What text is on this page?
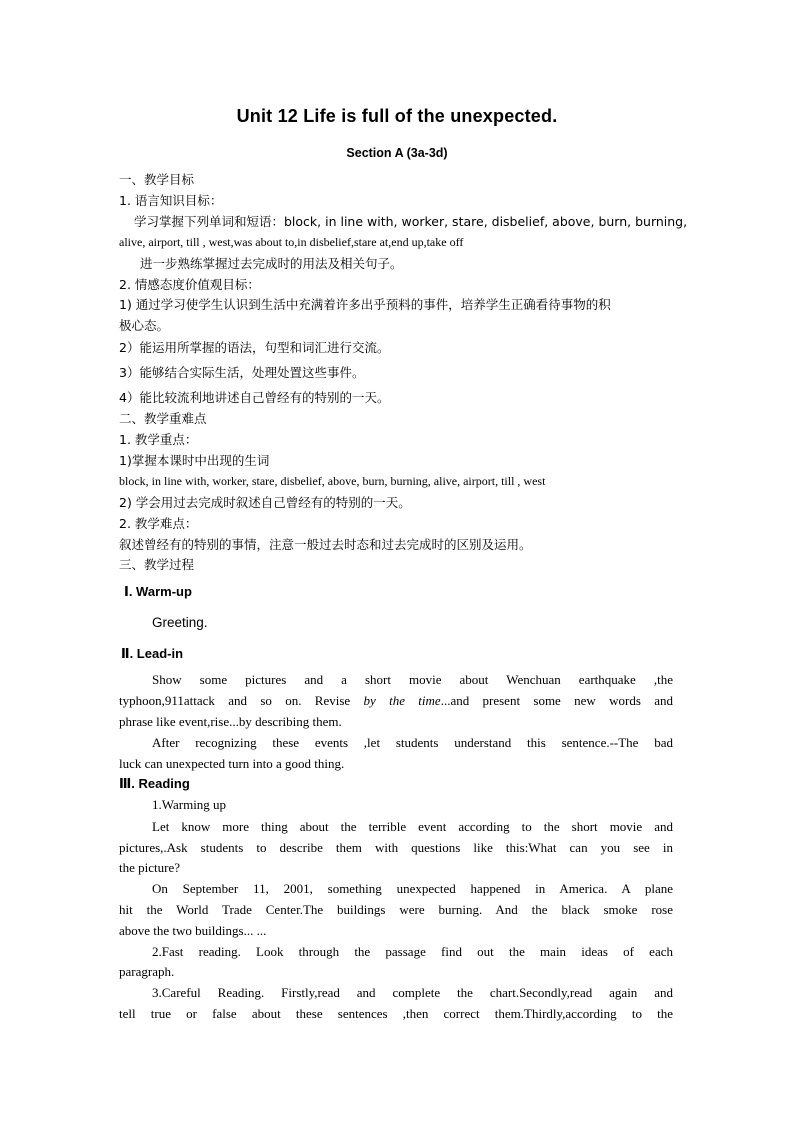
Unit 12 Life is full of the unexpected.
Section A (3a-3d)
一、教学目标
1. 语言知识目标：
学习掌握下列单词和短语：block, in line with, worker, stare, disbelief, above, burn, burning,
alive, airport, till , west,was about to,in disbelief,stare at,end up,take off
进一步熟练掌握过去完成时的用法及相关句子。
2. 情感态度价值观目标：
1) 通过学习使学生认识到生活中充满着许多出乎预料的事件，培养学生正确看待事物的积
极心态。
2）能运用所掌握的语法，句型和词汇进行交流。
3）能够结合实际生活，处理处置这些事件。
4）能比较流利地讲述自己曾经有的特别的一天。
二、教学重难点
1. 教学重点：
1)掌握本课时中出现的生词
block, in line with, worker, stare, disbelief, above, burn, burning, alive, airport, till , west
2) 学会用过去完成时叙述自己曾经有的特别的一天。
2. 教学难点：
叙述曾经有的特别的事情，注意一般过去时态和过去完成时的区别及运用。
三、教学过程
Ⅰ. Warm-up
Greeting.
Ⅱ. Lead-in
Show some pictures and a short movie about Wenchuan earthquake ,the
typhoon,911attack and so on. Revise by the time...and present some new words and
phrase like event,rise...by describing them.
After recognizing these events ,let students understand this sentence.--The bad
luck can unexpected turn into a good thing.
Ⅲ. Reading
1.Warming up
Let know more thing about the terrible event according to the short movie and
pictures,.Ask students to describe them with questions like this:What can you see in
the picture?
On September 11, 2001, something unexpected happened in America. A plane
hit the World Trade Center.The buildings were burning. And the black smoke rose
above the two buildings... ...
2.Fast reading. Look through the passage find out the main ideas of each
paragraph.
3.Careful Reading. Firstly,read and complete the chart.Secondly,read again and
tell true or false about these sentences ,then correct them.Thirdly,according to the
